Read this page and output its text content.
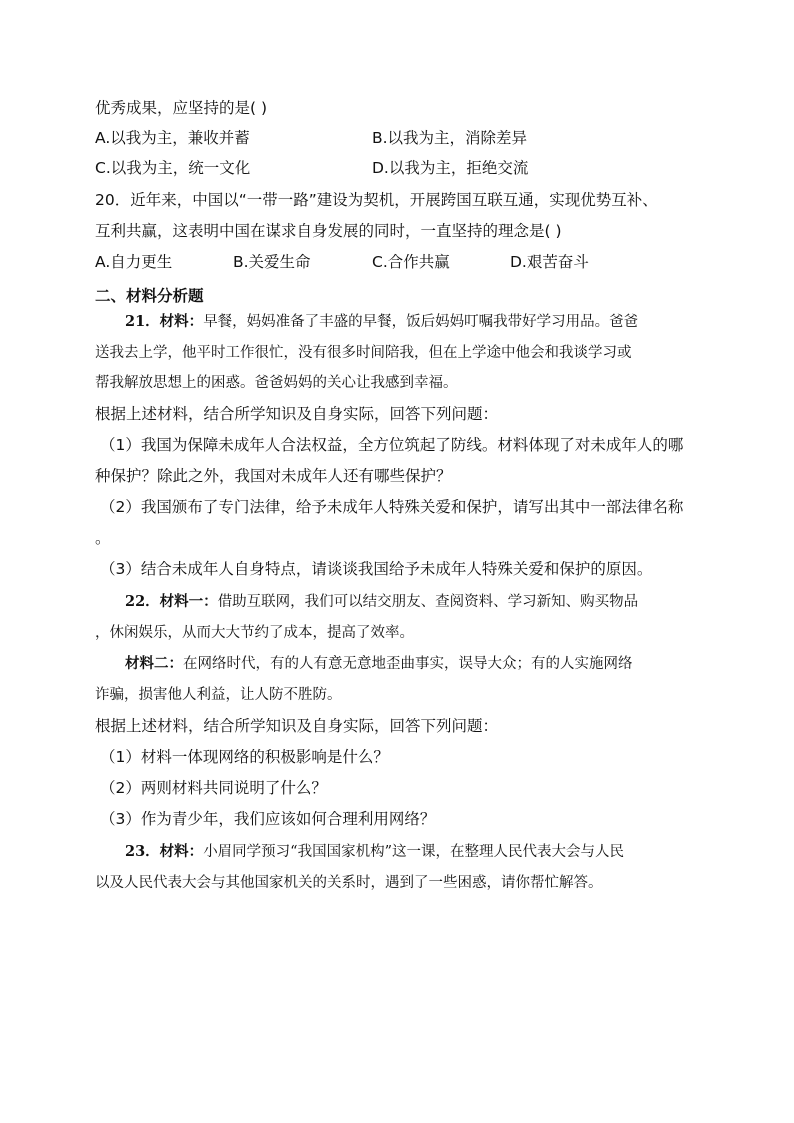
优秀成果，应坚持的是( )
A.以我为主，兼收并蓄	B.以我为主，消除差异
C.以我为主，统一文化	D.以我为主，拒绝交流
20．近年来，中国以“一带一路”建设为契机，开展跨国互联互通，实现优势互补、
互利共赢，这表明中国在谋求自身发展的同时，一直坚持的理念是( )
A.自力更生	B.关爱生命	C.合作共赢	D.艰苦奋斗
二、材料分析题
21．材料：早餐，妈妈准备了丰盛的早餐，饭后妈妈叮嘱我带好学习用品。爸爸
送我去上学，他平时工作很忙，没有很多时间陪我，但在上学途中他会和我谈学习或
帮我解放思想上的困惑。爸爸妈妈的关心让我感到幸福。
根据上述材料，结合所学知识及自身实际，回答下列问题：
（1）我国为保障未成年人合法权益，全方位筑起了防线。材料体现了对未成年人的哪
种保护？除此之外，我国对未成年人还有哪些保护？
（2）我国颁布了专门法律，给予未成年人特殊关爱和保护，请写出其中一部法律名称
。
（3）结合未成年人自身特点，请谈谈我国给予未成年人特殊关爱和保护的原因。
22．材料一：借助互联网，我们可以结交朋友、查阅资料、学习新知、购买物品
，休闲娱乐，从而大大节约了成本，提高了效率。
材料二：在网络时代，有的人有意无意地歪曲事实，误导大众；有的人实施网络
诈骗，损害他人利益，让人防不胜防。
根据上述材料，结合所学知识及自身实际，回答下列问题：
（1）材料一体现网络的积极影响是什么？
（2）两则材料共同说明了什么？
（3）作为青少年，我们应该如何合理利用网络？
23．材料：小眉同学预习“我国国家机构”这一课，在整理人民代表大会与人民
以及人民代表大会与其他国家机关的关系时，遇到了一些困惑，请你帮忙解答。
